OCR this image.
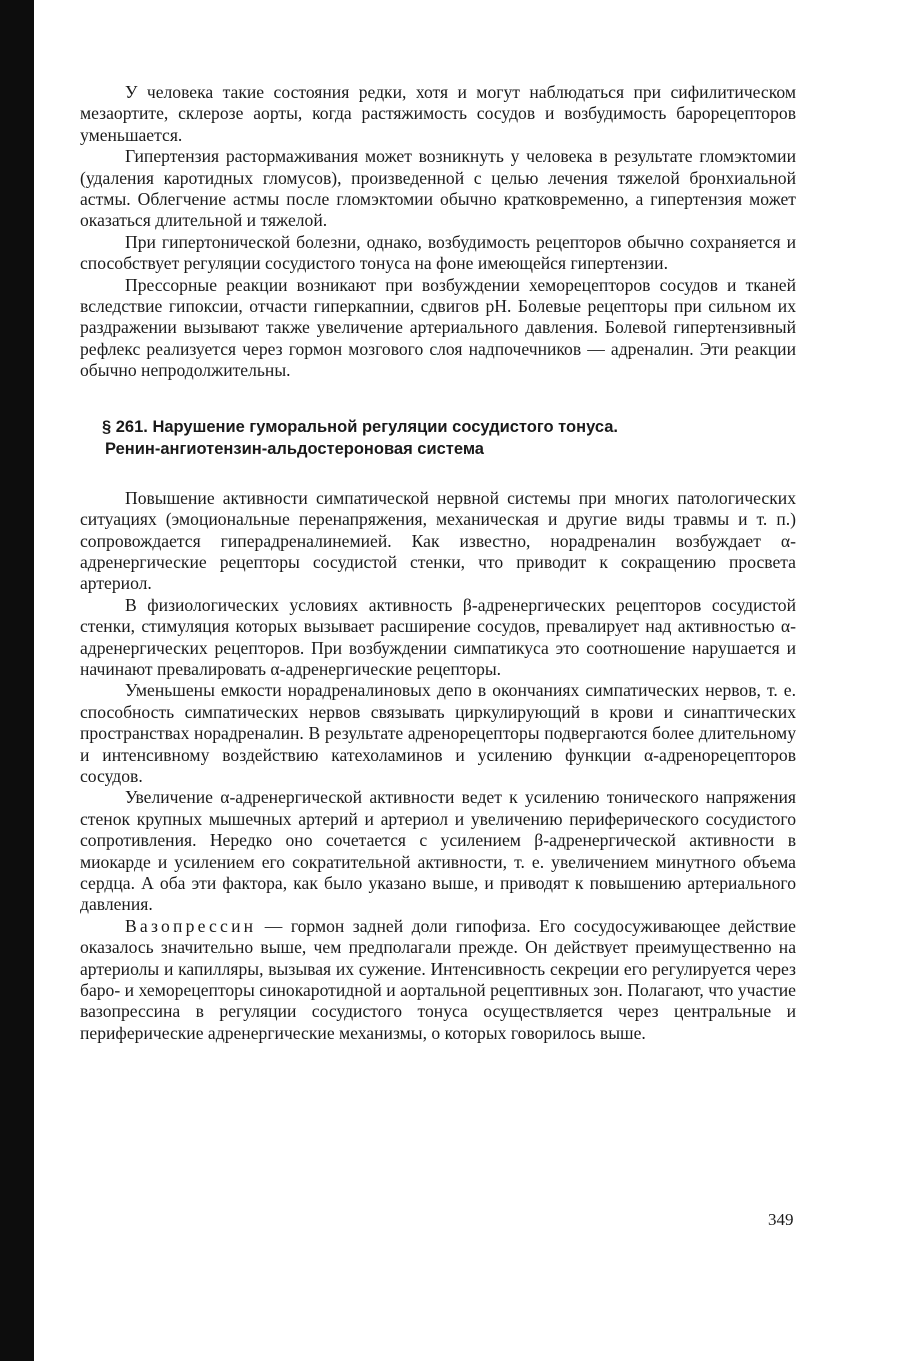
У человека такие состояния редки, хотя и могут наблюдаться при сифилитическом мезаортите, склерозе аорты, когда растяжимость сосудов и возбудимость барорецепторов уменьшается.

Гипертензия растормаживания может возникнуть у человека в результате гломэктомии (удаления каротидных гломусов), произведенной с целью лечения тяжелой бронхиальной астмы. Облегчение астмы после гломэктомии обычно кратковременно, а гипертензия может оказаться длительной и тяжелой.

При гипертонической болезни, однако, возбудимость рецепторов обычно сохраняется и способствует регуляции сосудистого тонуса на фоне имеющейся гипертензии.

Прессорные реакции возникают при возбуждении хеморецепторов сосудов и тканей вследствие гипоксии, отчасти гиперкапнии, сдвигов рН. Болевые рецепторы при сильном их раздражении вызывают также увеличение артериального давления. Болевой гипертензивный рефлекс реализуется через гормон мозгового слоя надпочечников — адреналин. Эти реакции обычно непродолжительны.

§ 261. Нарушение гуморальной регуляции сосудистого тонуса.
Ренин-ангиотензин-альдостероновая система

Повышение активности симпатической нервной системы при многих патологических ситуациях (эмоциональные перенапряжения, механическая и другие виды травмы и т. п.) сопровождается гиперадреналинемией. Как известно, норадреналин возбуждает α-адренергические рецепторы сосудистой стенки, что приводит к сокращению просвета артериол.

В физиологических условиях активность β-адренергических рецепторов сосудистой стенки, стимуляция которых вызывает расширение сосудов, превалирует над активностью α-адренергических рецепторов. При возбуждении симпатикуса это соотношение нарушается и начинают превалировать α-адренергические рецепторы.

Уменьшены емкости норадреналиновых депо в окончаниях симпатических нервов, т. е. способность симпатических нервов связывать циркулирующий в крови и синаптических пространствах норадреналин. В результате адренорецепторы подвергаются более длительному и интенсивному воздействию катехоламинов и усилению функции α-адренорецепторов сосудов.

Увеличение α-адренергической активности ведет к усилению тонического напряжения стенок крупных мышечных артерий и артериол и увеличению периферического сосудистого сопротивления. Нередко оно сочетается с усилением β-адренергической активности в миокарде и усилением его сократительной активности, т. е. увеличением минутного объема сердца. А оба эти фактора, как было указано выше, и приводят к повышению артериального давления.

Вазопрессин — гормон задней доли гипофиза. Его сосудосуживающее действие оказалось значительно выше, чем предполагали прежде. Он действует преимущественно на артериолы и капилляры, вызывая их сужение. Интенсивность секреции его регулируется через баро- и хеморецепторы синокаротидной и аортальной рецептивных зон. Полагают, что участие вазопрессина в регуляции сосудистого тонуса осуществляется через центральные и периферические адренергические механизмы, о которых говорилось выше.

349
